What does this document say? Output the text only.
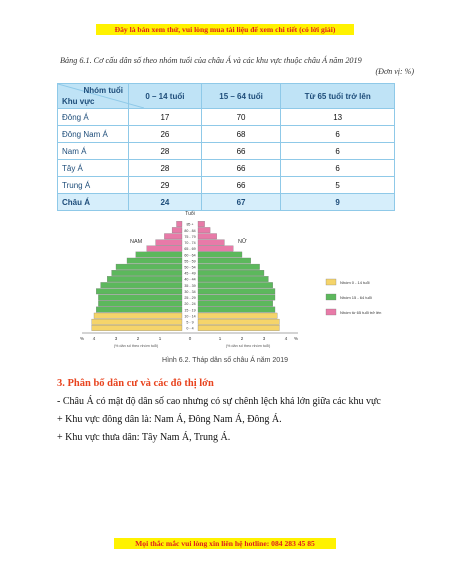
Đây là bản xem thử, vui lòng mua tài liệu để xem chi tiết (có lời giải)
Bảng 6.1. Cơ cấu dân số theo nhóm tuổi của châu Á và các khu vực thuộc châu Á năm 2019
(Đơn vị: %)
Nhóm tuổi
Khu vực	0 – 14 tuổi	15 – 64 tuổi	Từ 65 tuổi trở lên
Đông Á	17	70	13
Đông Nam Á	26	68	6
Nam Á	28	66	6
Tây Á	28	66	6
Trung Á	29	66	5
Châu Á	24	67	9
0 - 4
5 - 9
10 - 14
15 - 19
20 - 24
25 - 29
30 - 34
35 - 39
40 - 44
45 - 49
50 - 54
55 - 59
60 - 64
65 - 69
70 - 74
75 - 79
80 - 84
85 +
Tuổi
NAM	NỮ
4	3	2	1	0	1	2	3	4
%	%
(% dân số theo nhóm tuổi)	(% dân số theo nhóm tuổi)
Nhóm 0 - 14 tuổi
Nhóm 15 - 64 tuổi
Nhóm từ 65 tuổi trở lên
Hình 6.2. Tháp dân số châu Á năm 2019
3. Phân bố dân cư và các đô thị lớn
- Châu Á có mật độ dân số cao nhưng có sự chênh lệch khá lớn giữa các khu vực
+ Khu vực đông dân là: Nam Á, Đông Nam Á, Đông Á.
+ Khu vực thưa dân: Tây Nam Á, Trung Á.
Mọi thắc mắc vui lòng xin liên hệ hotline: 084 283 45 85
